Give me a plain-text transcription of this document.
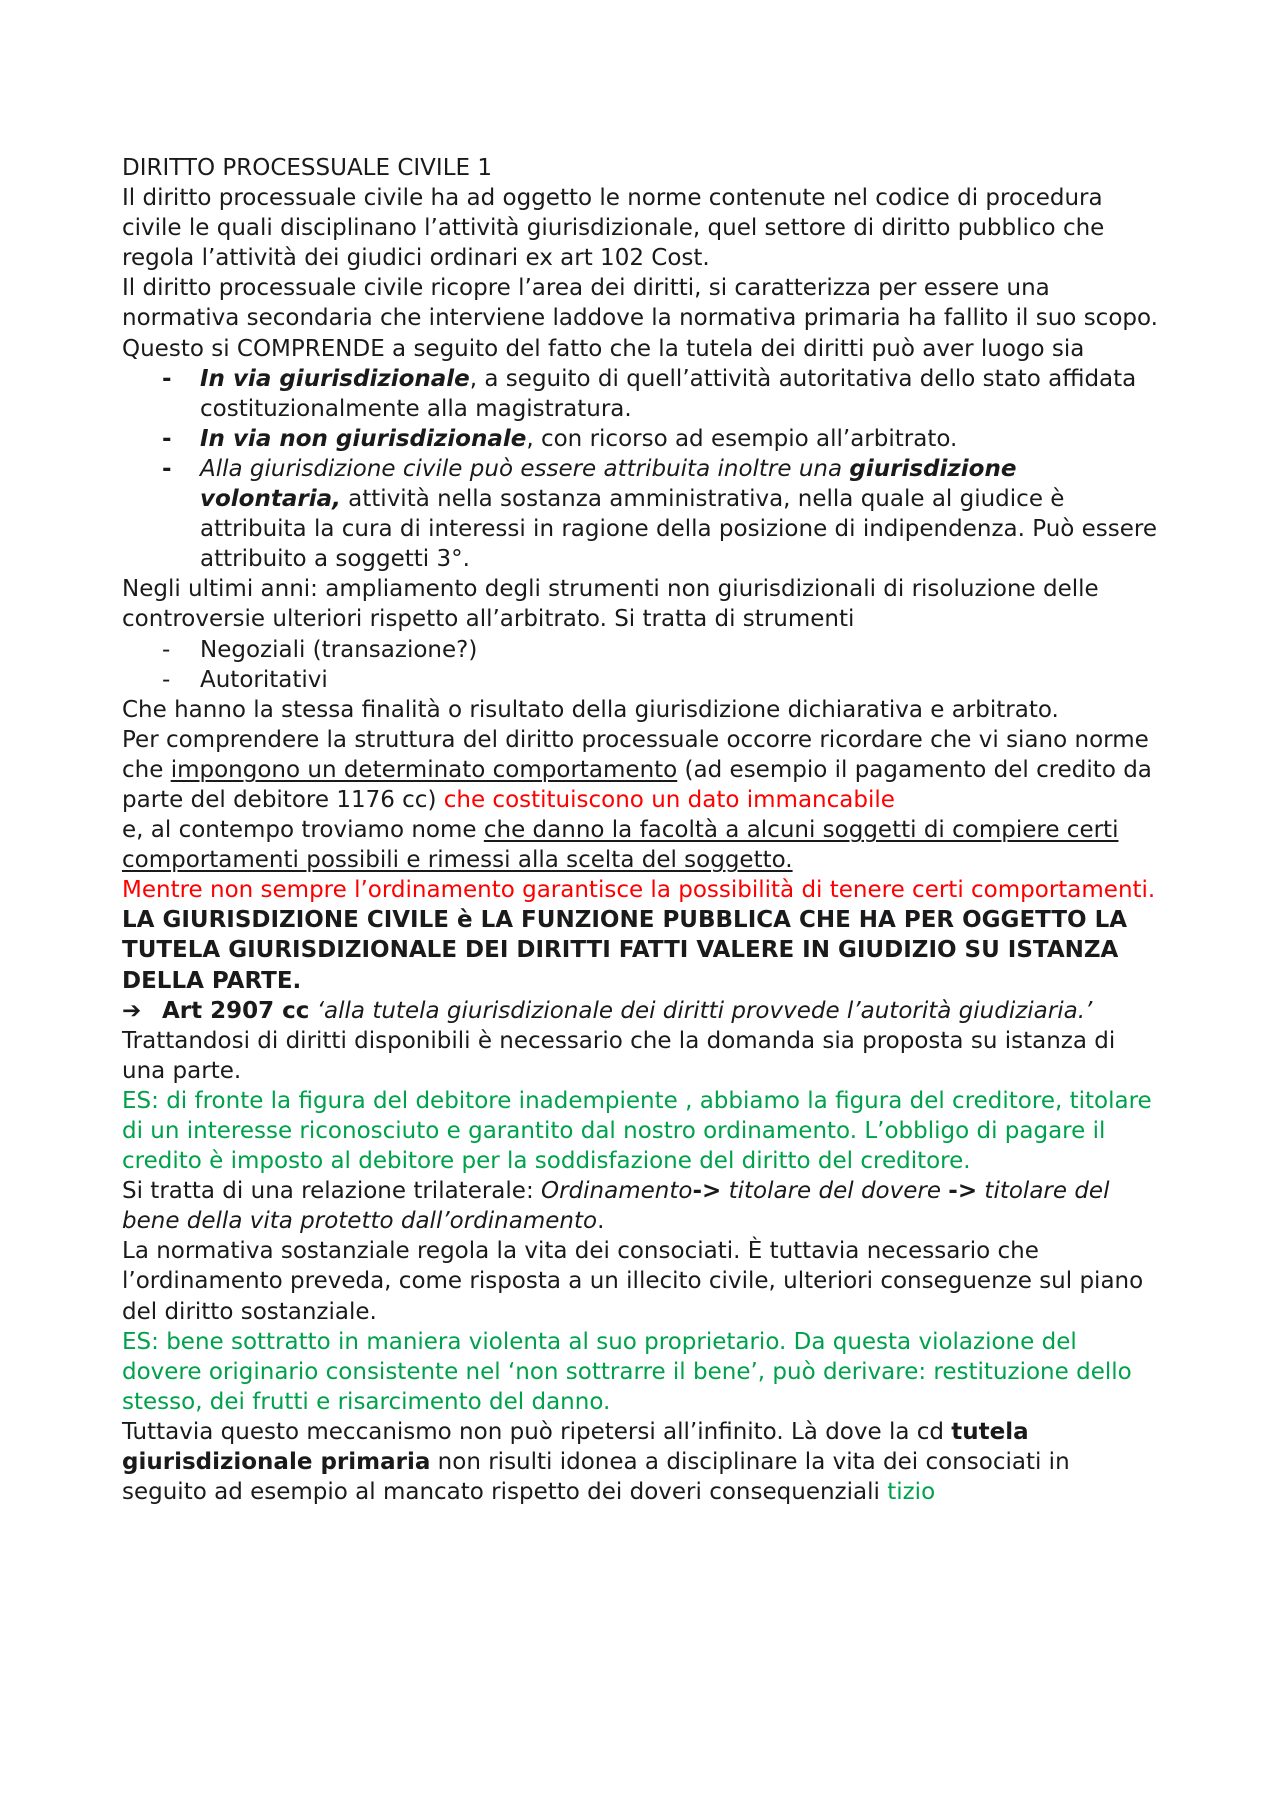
DIRITTO PROCESSUALE CIVILE 1

Il diritto processuale civile ha ad oggetto le norme contenute nel codice di procedura civile le quali disciplinano l’attività giurisdizionale, quel settore di diritto pubblico che regola l’attività dei giudici ordinari ex art 102 Cost.

Il diritto processuale civile ricopre l’area dei diritti, si caratterizza per essere una normativa secondaria che interviene laddove la normativa primaria ha fallito il suo scopo. Questo si COMPRENDE a seguito del fatto che la tutela dei diritti può aver luogo sia

-	In via giurisdizionale, a seguito di quell’attività autoritativa dello stato affidata costituzionalmente alla magistratura.
-	In via non giurisdizionale, con ricorso ad esempio all’arbitrato.
-	Alla giurisdizione civile può essere attribuita inoltre una giurisdizione volontaria, attività nella sostanza amministrativa, nella quale al giudice è attribuita la cura di interessi in ragione della posizione di indipendenza. Può essere attribuito a soggetti 3°.

Negli ultimi anni: ampliamento degli strumenti non giurisdizionali di risoluzione delle controversie ulteriori rispetto all’arbitrato. Si tratta di strumenti

-	Negoziali (transazione?)
-	Autoritativi

Che hanno la stessa finalità o risultato della giurisdizione dichiarativa e arbitrato.

Per comprendere la struttura del diritto processuale occorre ricordare che vi siano norme che impongono un determinato comportamento (ad esempio il pagamento del credito da parte del debitore 1176 cc) che costituiscono un dato immancabile

e, al contempo troviamo nome che danno la facoltà a alcuni soggetti di compiere certi comportamenti possibili e rimessi alla scelta del soggetto.

Mentre non sempre l’ordinamento garantisce la possibilità di tenere certi comportamenti.

LA GIURISDIZIONE CIVILE è LA FUNZIONE PUBBLICA CHE HA PER OGGETTO LA TUTELA GIURISDIZIONALE DEI DIRITTI FATTI VALERE IN GIUDIZIO SU ISTANZA DELLA PARTE.

➔ Art 2907 cc ‘alla tutela giurisdizionale dei diritti provvede l’autorità giudiziaria.’

Trattandosi di diritti disponibili è necessario che la domanda sia proposta su istanza di una parte.

ES: di fronte la figura del debitore inadempiente , abbiamo la figura del creditore, titolare di un interesse riconosciuto e garantito dal nostro ordinamento. L’obbligo di pagare il credito è imposto al debitore per la soddisfazione del diritto del creditore.

Si tratta di una relazione trilaterale: Ordinamento-> titolare del dovere -> titolare del bene della vita protetto dall’ordinamento.

La normativa sostanziale regola la vita dei consociati. È tuttavia necessario che l’ordinamento preveda, come risposta a un illecito civile, ulteriori conseguenze sul piano del diritto sostanziale.

ES: bene sottratto in maniera violenta al suo proprietario. Da questa violazione del dovere originario consistente nel ‘non sottrarre il bene’, può derivare: restituzione dello stesso, dei frutti e risarcimento del danno.

Tuttavia questo meccanismo non può ripetersi all’infinito. Là dove la cd tutela giurisdizionale primaria non risulti idonea a disciplinare la vita dei consociati in seguito ad esempio al mancato rispetto dei doveri consequenziali tizio
